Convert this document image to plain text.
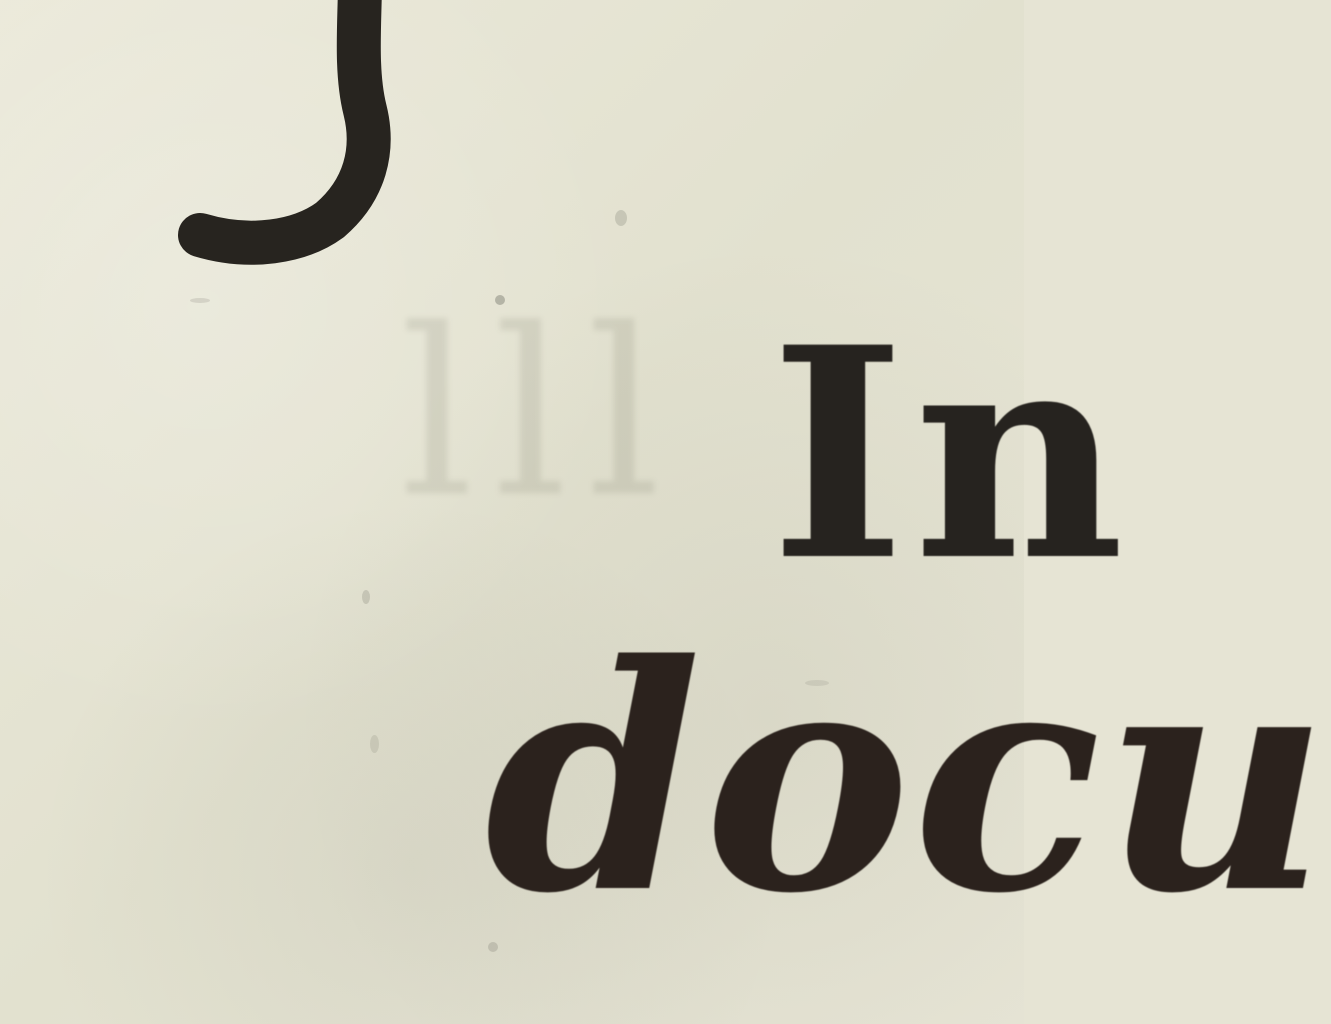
lll In
docu
